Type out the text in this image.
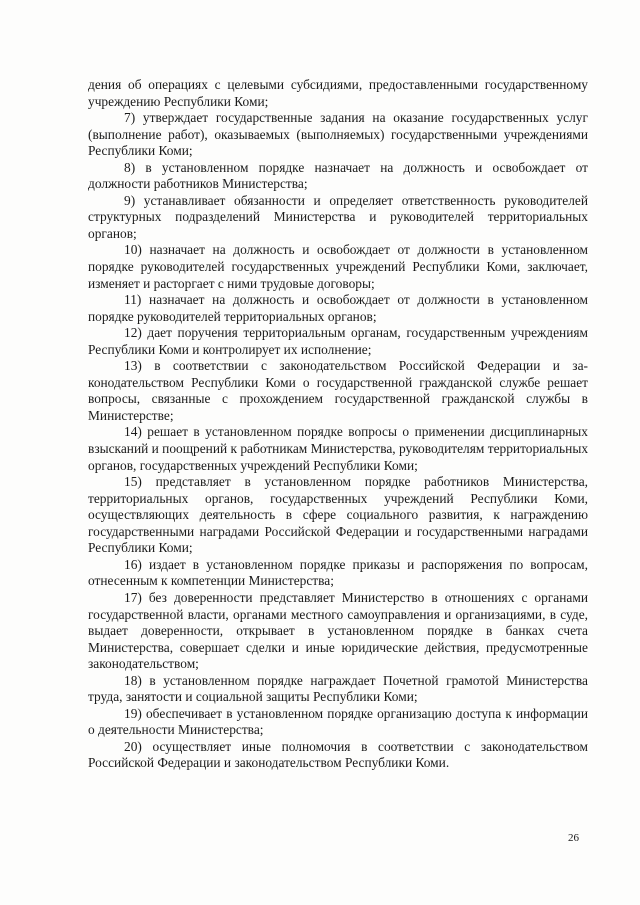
дения об операциях с целевыми субсидиями, предоставленными государственному учреждению Республики Коми;

7) утверждает государственные задания на оказание государственных услуг (выполнение работ), оказываемых (выполняемых) государственными учреждениями Республики Коми;

8) в установленном порядке назначает на должность и освобождает от должности работников Министерства;

9) устанавливает обязанности и определяет ответственность руководителей структурных подразделений Министерства и руководителей территориальных органов;

10) назначает на должность и освобождает от должности в установленном порядке руководителей государственных учреждений Республики Коми, заключает, изменяет и расторгает с ними трудовые договоры;

11) назначает на должность и освобождает от должности в установленном порядке руководителей территориальных органов;

12) дает поручения территориальным органам, государственным учреждениям Республики Коми и контролирует их исполнение;

13) в соответствии с законодательством Российской Федерации и законодательством Республики Коми о государственной гражданской службе решает вопросы, связанные с прохождением государственной гражданской службы в Министерстве;

14) решает в установленном порядке вопросы о применении дисциплинарных взысканий и поощрений к работникам Министерства, руководителям территориальных органов, государственных учреждений Республики Коми;

15) представляет в установленном порядке работников Министерства, территориальных органов, государственных учреждений Республики Коми, осуществляющих деятельность в сфере социального развития, к награждению государственными наградами Российской Федерации и государственными наградами Республики Коми;

16) издает в установленном порядке приказы и распоряжения по вопросам, отнесенным к компетенции Министерства;

17) без доверенности представляет Министерство в отношениях с органами государственной власти, органами местного самоуправления и организациями, в суде, выдает доверенности, открывает в установленном порядке в банках счета Министерства, совершает сделки и иные юридические действия, предусмотренные законодательством;

18) в установленном порядке награждает Почетной грамотой Министерства труда, занятости и социальной защиты Республики Коми;

19) обеспечивает в установленном порядке организацию доступа к информации о деятельности Министерства;

20) осуществляет иные полномочия в соответствии с законодательством Российской Федерации и законодательством Республики Коми.

26
